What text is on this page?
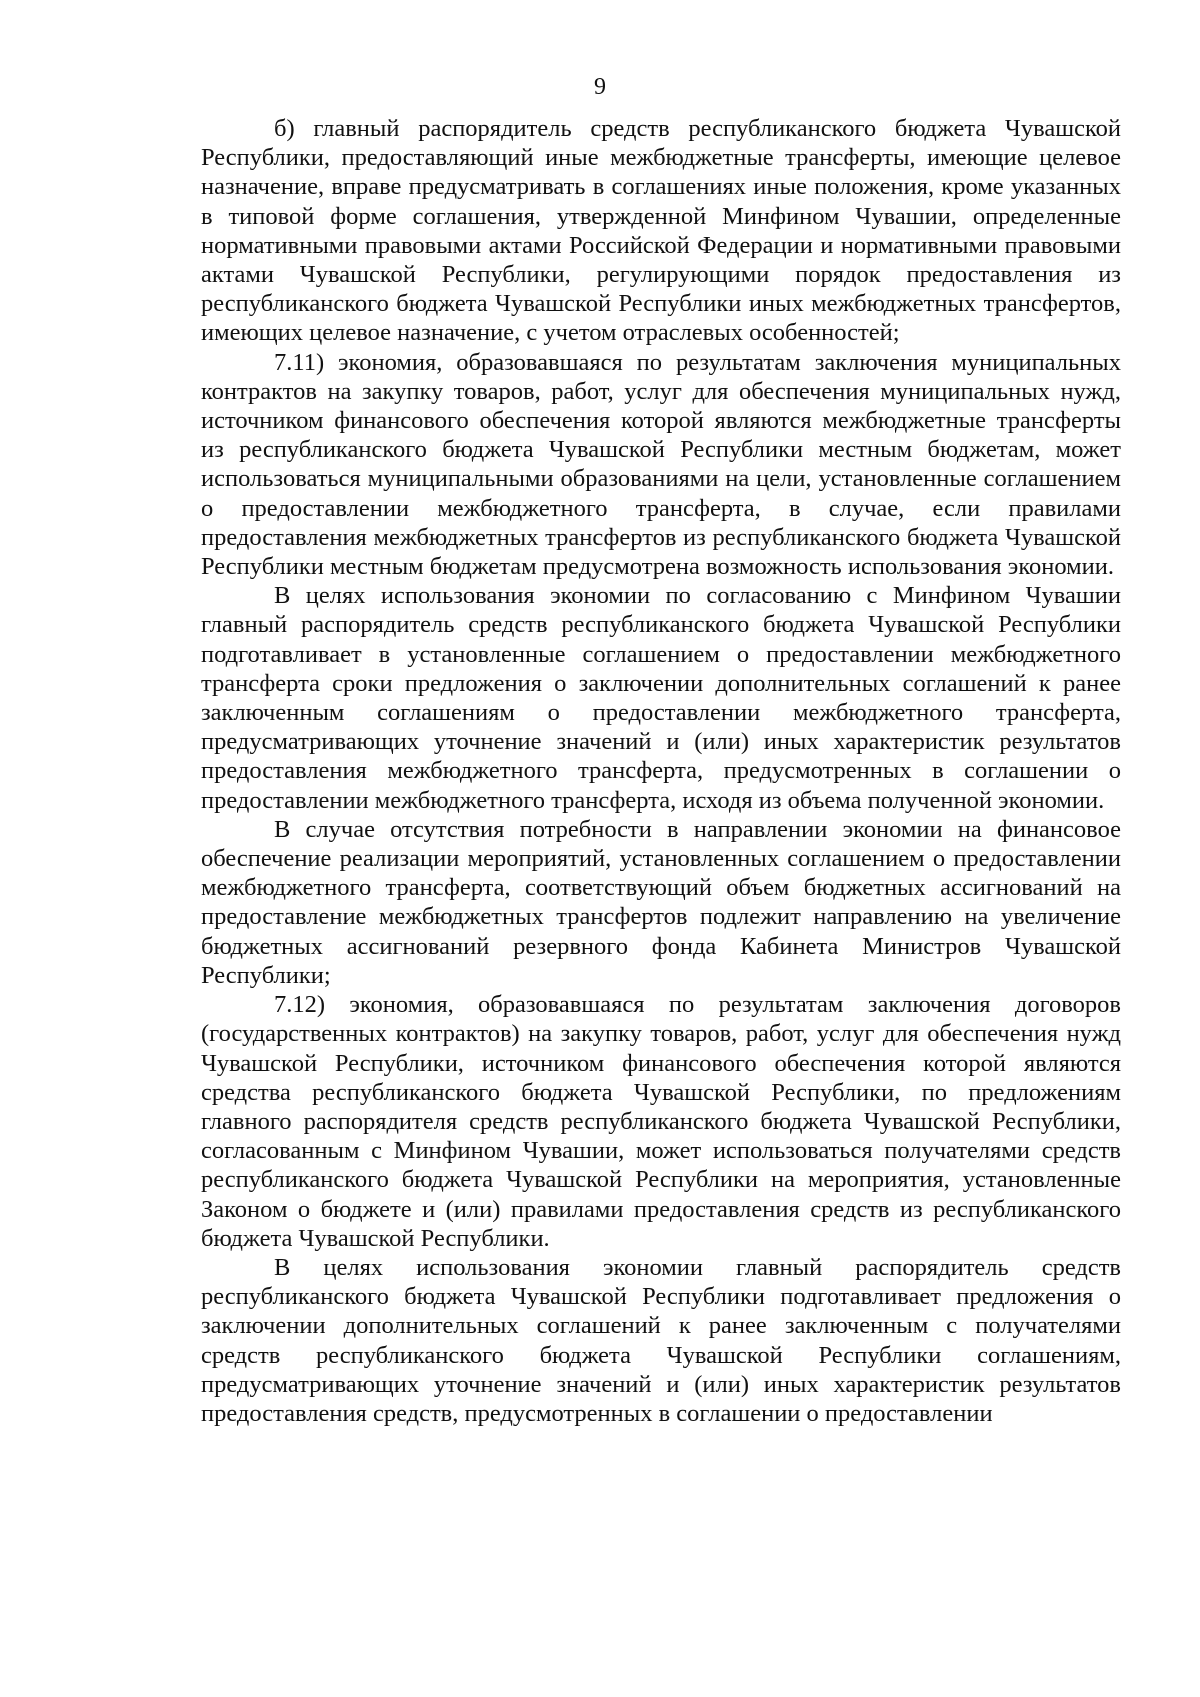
9

б) главный распорядитель средств республиканского бюджета Чувашской Республики, предоставляющий иные межбюджетные трансферты, имеющие целевое назначение, вправе предусматривать в соглашениях иные положения, кроме указанных в типовой форме соглашения, утвержденной Минфином Чувашии, определенные нормативными правовыми актами Российской Федерации и нормативными правовыми актами Чувашской Республики, регулирующими порядок предоставления из республиканского бюджета Чувашской Республики иных межбюджетных трансфертов, имеющих целевое назначение, с учетом отраслевых особенностей;

7.11) экономия, образовавшаяся по результатам заключения муниципальных контрактов на закупку товаров, работ, услуг для обеспечения муниципальных нужд, источником финансового обеспечения которой являются межбюджетные трансферты из республиканского бюджета Чувашской Республики местным бюджетам, может использоваться муниципальными образованиями на цели, установленные соглашением о предоставлении межбюджетного трансферта, в случае, если правилами предоставления межбюджетных трансфертов из республиканского бюджета Чувашской Республики местным бюджетам предусмотрена возможность использования экономии.

В целях использования экономии по согласованию с Минфином Чувашии главный распорядитель средств республиканского бюджета Чувашской Республики подготавливает в установленные соглашением о предоставлении межбюджетного трансферта сроки предложения о заключении дополнительных соглашений к ранее заключенным соглашениям о предоставлении межбюджетного трансферта, предусматривающих уточнение значений и (или) иных характеристик результатов предоставления межбюджетного трансферта, предусмотренных в соглашении о предоставлении межбюджетного трансферта, исходя из объема полученной экономии.

В случае отсутствия потребности в направлении экономии на финансовое обеспечение реализации мероприятий, установленных соглашением о предоставлении межбюджетного трансферта, соответствующий объем бюджетных ассигнований на предоставление межбюджетных трансфертов подлежит направлению на увеличение бюджетных ассигнований резервного фонда Кабинета Министров Чувашской Республики;

7.12) экономия, образовавшаяся по результатам заключения договоров (государственных контрактов) на закупку товаров, работ, услуг для обеспечения нужд Чувашской Республики, источником финансового обеспечения которой являются средства республиканского бюджета Чувашской Республики, по предложениям главного распорядителя средств республиканского бюджета Чувашской Республики, согласованным с Минфином Чувашии, может использоваться получателями средств республиканского бюджета Чувашской Республики на мероприятия, установленные Законом о бюджете и (или) правилами предоставления средств из республиканского бюджета Чувашской Республики.

В целях использования экономии главный распорядитель средств республиканского бюджета Чувашской Республики подготавливает предложения о заключении дополнительных соглашений к ранее заключенным с получателями средств республиканского бюджета Чувашской Республики соглашениям, предусматривающих уточнение значений и (или) иных характеристик результатов предоставления средств, предусмотренных в соглашении о предоставлении
